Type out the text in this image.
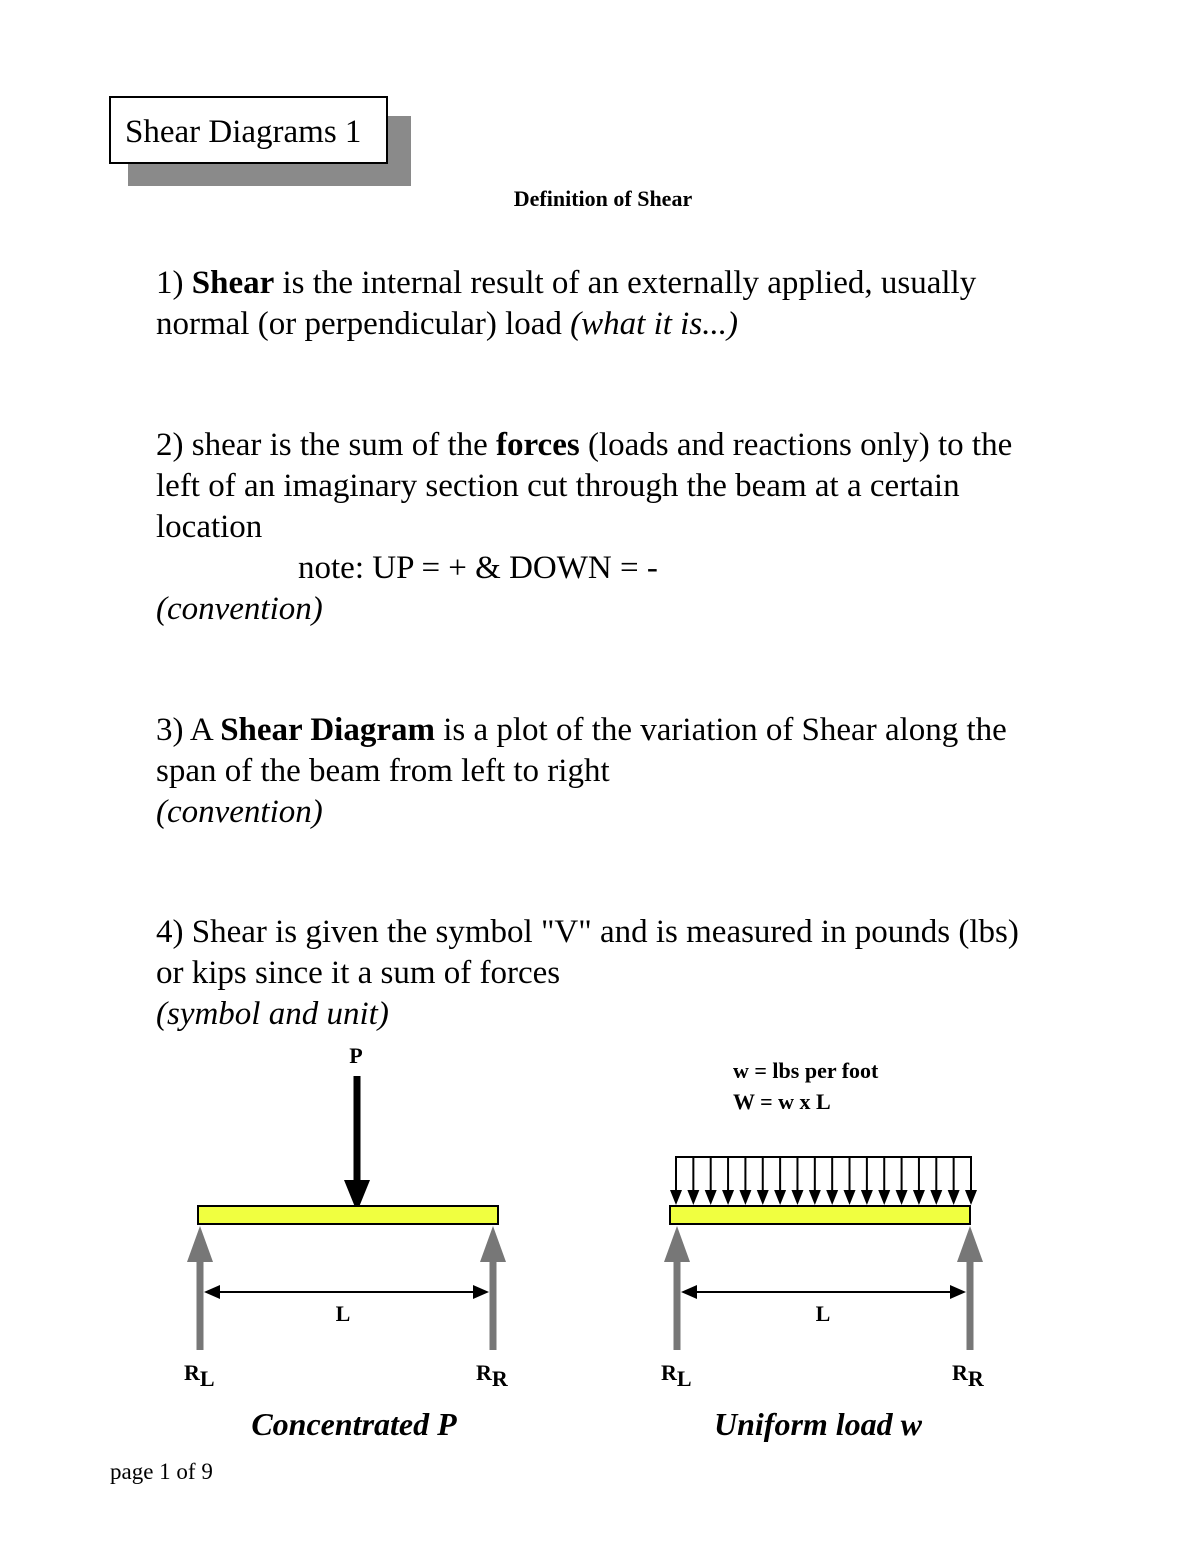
Shear Diagrams 1
Definition of Shear
1) Shear is the internal result of an externally applied, usually
normal (or perpendicular) load (what it is...)
2) shear is the sum of the forces (loads and reactions only) to the
left of an imaginary section cut through the beam at a certain
location
note: UP = + & DOWN = -
(convention)
3) A Shear Diagram is a plot of the variation of Shear along the
span of the beam from left to right
(convention)
4) Shear is given the symbol "V" and is measured in pounds (lbs)
or kips since it a sum of forces
(symbol and unit)
P
L
RL	RR
Concentrated P
w = lbs per foot
W = w x L
L
RL	RR
Uniform load w
page 1 of 9
